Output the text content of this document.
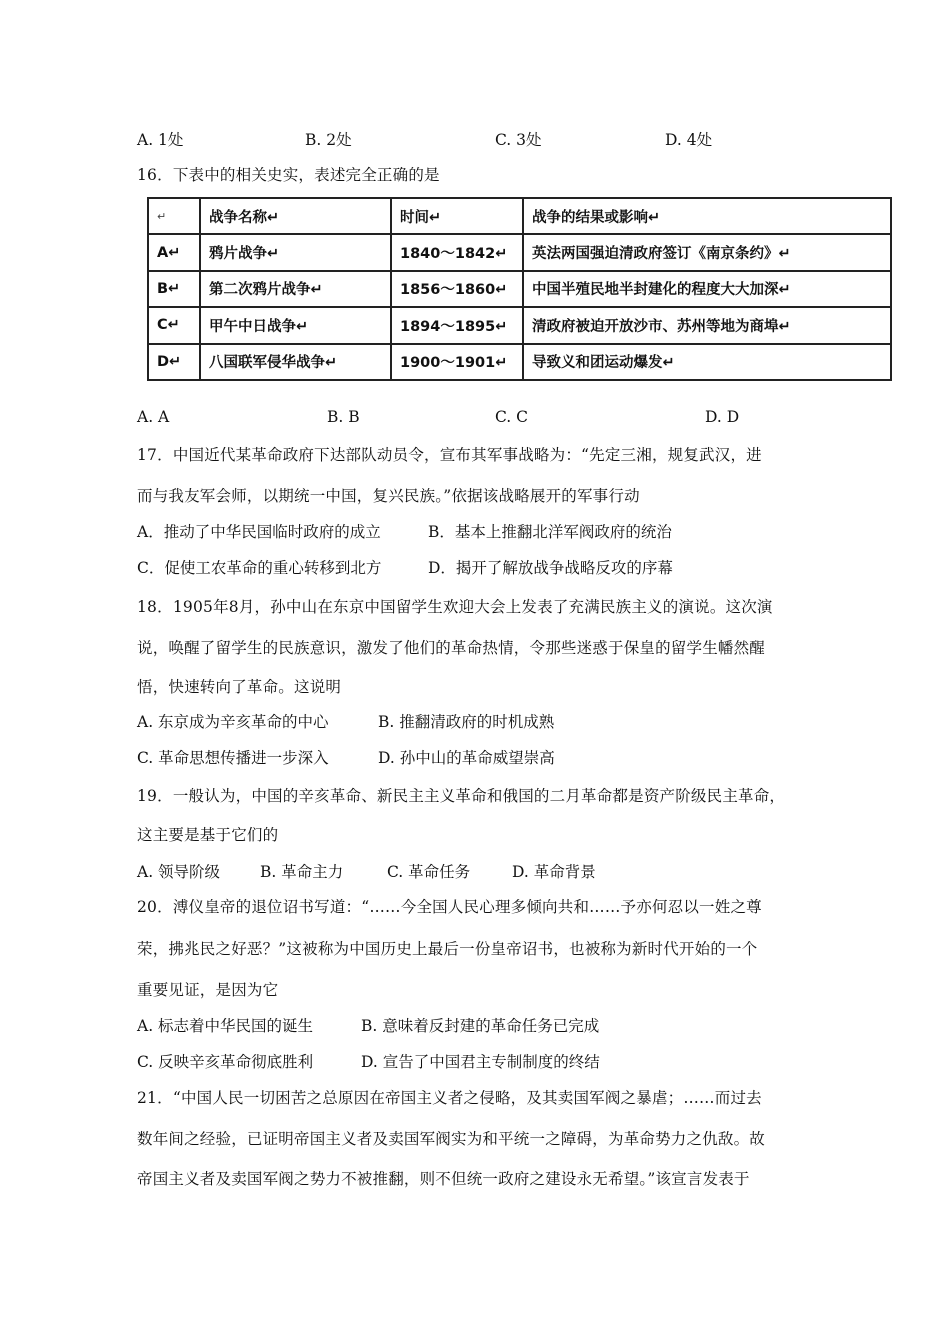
A. 1处	B. 2处	C. 3处	D. 4处
16．下表中的相关史实，表述完全正确的是
↵	战争名称↵	时间↵	战争的结果或影响↵
A↵	鸦片战争↵	1840～1842↵	英法两国强迫清政府签订《南京条约》↵
B↵	第二次鸦片战争↵	1856～1860↵	中国半殖民地半封建化的程度大大加深↵
C↵	甲午中日战争↵	1894～1895↵	清政府被迫开放沙市、苏州等地为商埠↵
D↵	八国联军侵华战争↵	1900～1901↵	导致义和团运动爆发↵
A. A	B. B	C. C	D. D
17．中国近代某革命政府下达部队动员令，宣布其军事战略为：“先定三湘，规复武汉，进
而与我友军会师，以期统一中国，复兴民族。”依据该战略展开的军事行动
A．推动了中华民国临时政府的成立	B．基本上推翻北洋军阀政府的统治
C．促使工农革命的重心转移到北方	D．揭开了解放战争战略反攻的序幕
18．1905年8月，孙中山在东京中国留学生欢迎大会上发表了充满民族主义的演说。这次演
说，唤醒了留学生的民族意识，激发了他们的革命热情，令那些迷惑于保皇的留学生幡然醒
悟，快速转向了革命。这说明
A. 东京成为辛亥革命的中心	B. 推翻清政府的时机成熟
C. 革命思想传播进一步深入	D. 孙中山的革命威望崇高
19．一般认为，中国的辛亥革命、新民主主义革命和俄国的二月革命都是资产阶级民主革命，
这主要是基于它们的
A. 领导阶级	B. 革命主力	C. 革命任务	D. 革命背景
20．溥仪皇帝的退位诏书写道：“……今全国人民心理多倾向共和……予亦何忍以一姓之尊
荣，拂兆民之好恶？”这被称为中国历史上最后一份皇帝诏书，也被称为新时代开始的一个
重要见证，是因为它
A. 标志着中华民国的诞生	B. 意味着反封建的革命任务已完成
C. 反映辛亥革命彻底胜利	D. 宣告了中国君主专制制度的终结
21．“中国人民一切困苦之总原因在帝国主义者之侵略，及其卖国军阀之暴虐；……而过去
数年间之经验，已证明帝国主义者及卖国军阀实为和平统一之障碍，为革命势力之仇敌。故
帝国主义者及卖国军阀之势力不被推翻，则不但统一政府之建设永无希望。”该宣言发表于
